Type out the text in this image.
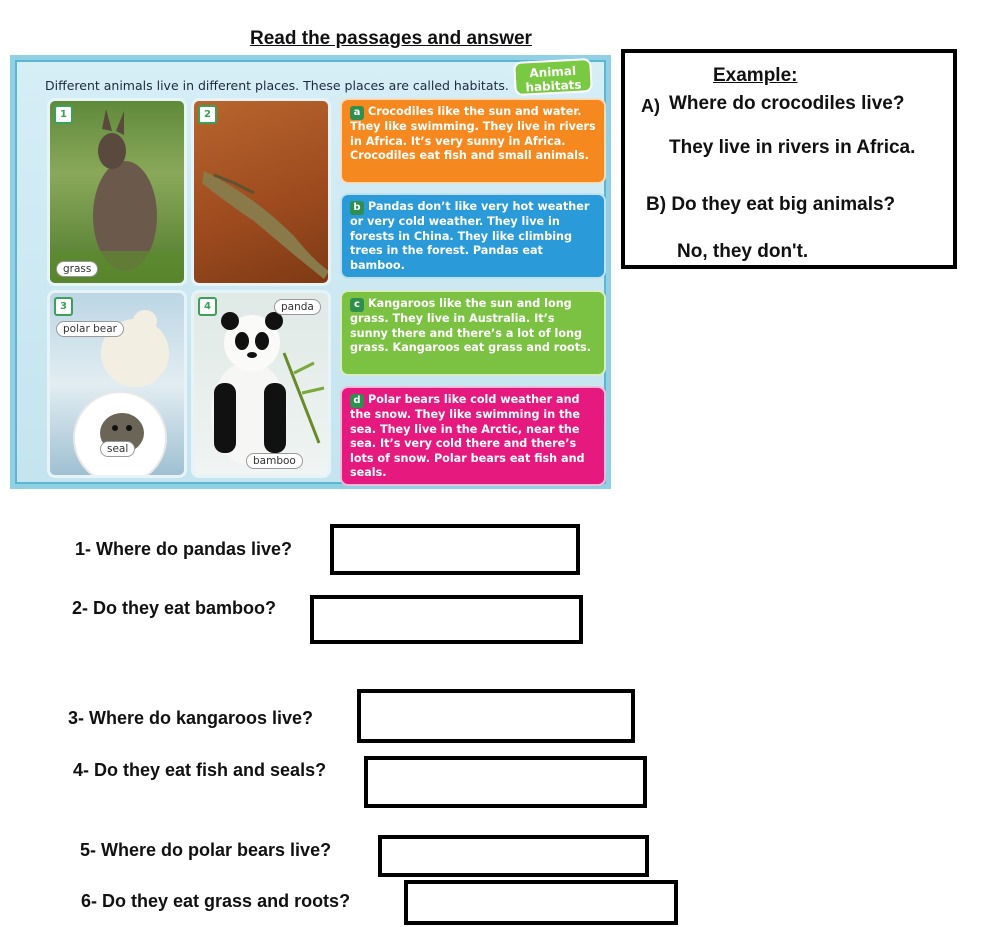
Read the passages and answer
Different animals live in different places. These places are called habitats.
Animal
habitats
1
grass
2
3
polar bear
seal
4	panda
bamboo
a Crocodiles like the sun and water. They like swimming. They live in rivers in Africa. It’s very sunny in Africa. Crocodiles eat fish and small animals.
b Pandas don’t like very hot weather or very cold weather. They live in forests in China. They like climbing trees in the forest. Pandas eat bamboo.
c Kangaroos like the sun and long grass. They live in Australia. It’s sunny there and there’s a lot of long grass. Kangaroos eat grass and roots.
d Polar bears like cold weather and the snow. They like swimming in the sea. They live in the Arctic, near the sea. It’s very cold there and there’s lots of snow. Polar bears eat fish and seals.
Example:
A) Where do crocodiles live?
They live in rivers in Africa.
B) Do they eat big animals?
No, they don't.
1- Where do pandas live?
2- Do they eat bamboo?
3- Where do kangaroos live?
4- Do they eat fish and seals?
5- Where do polar bears live?
6- Do they eat grass and roots?
